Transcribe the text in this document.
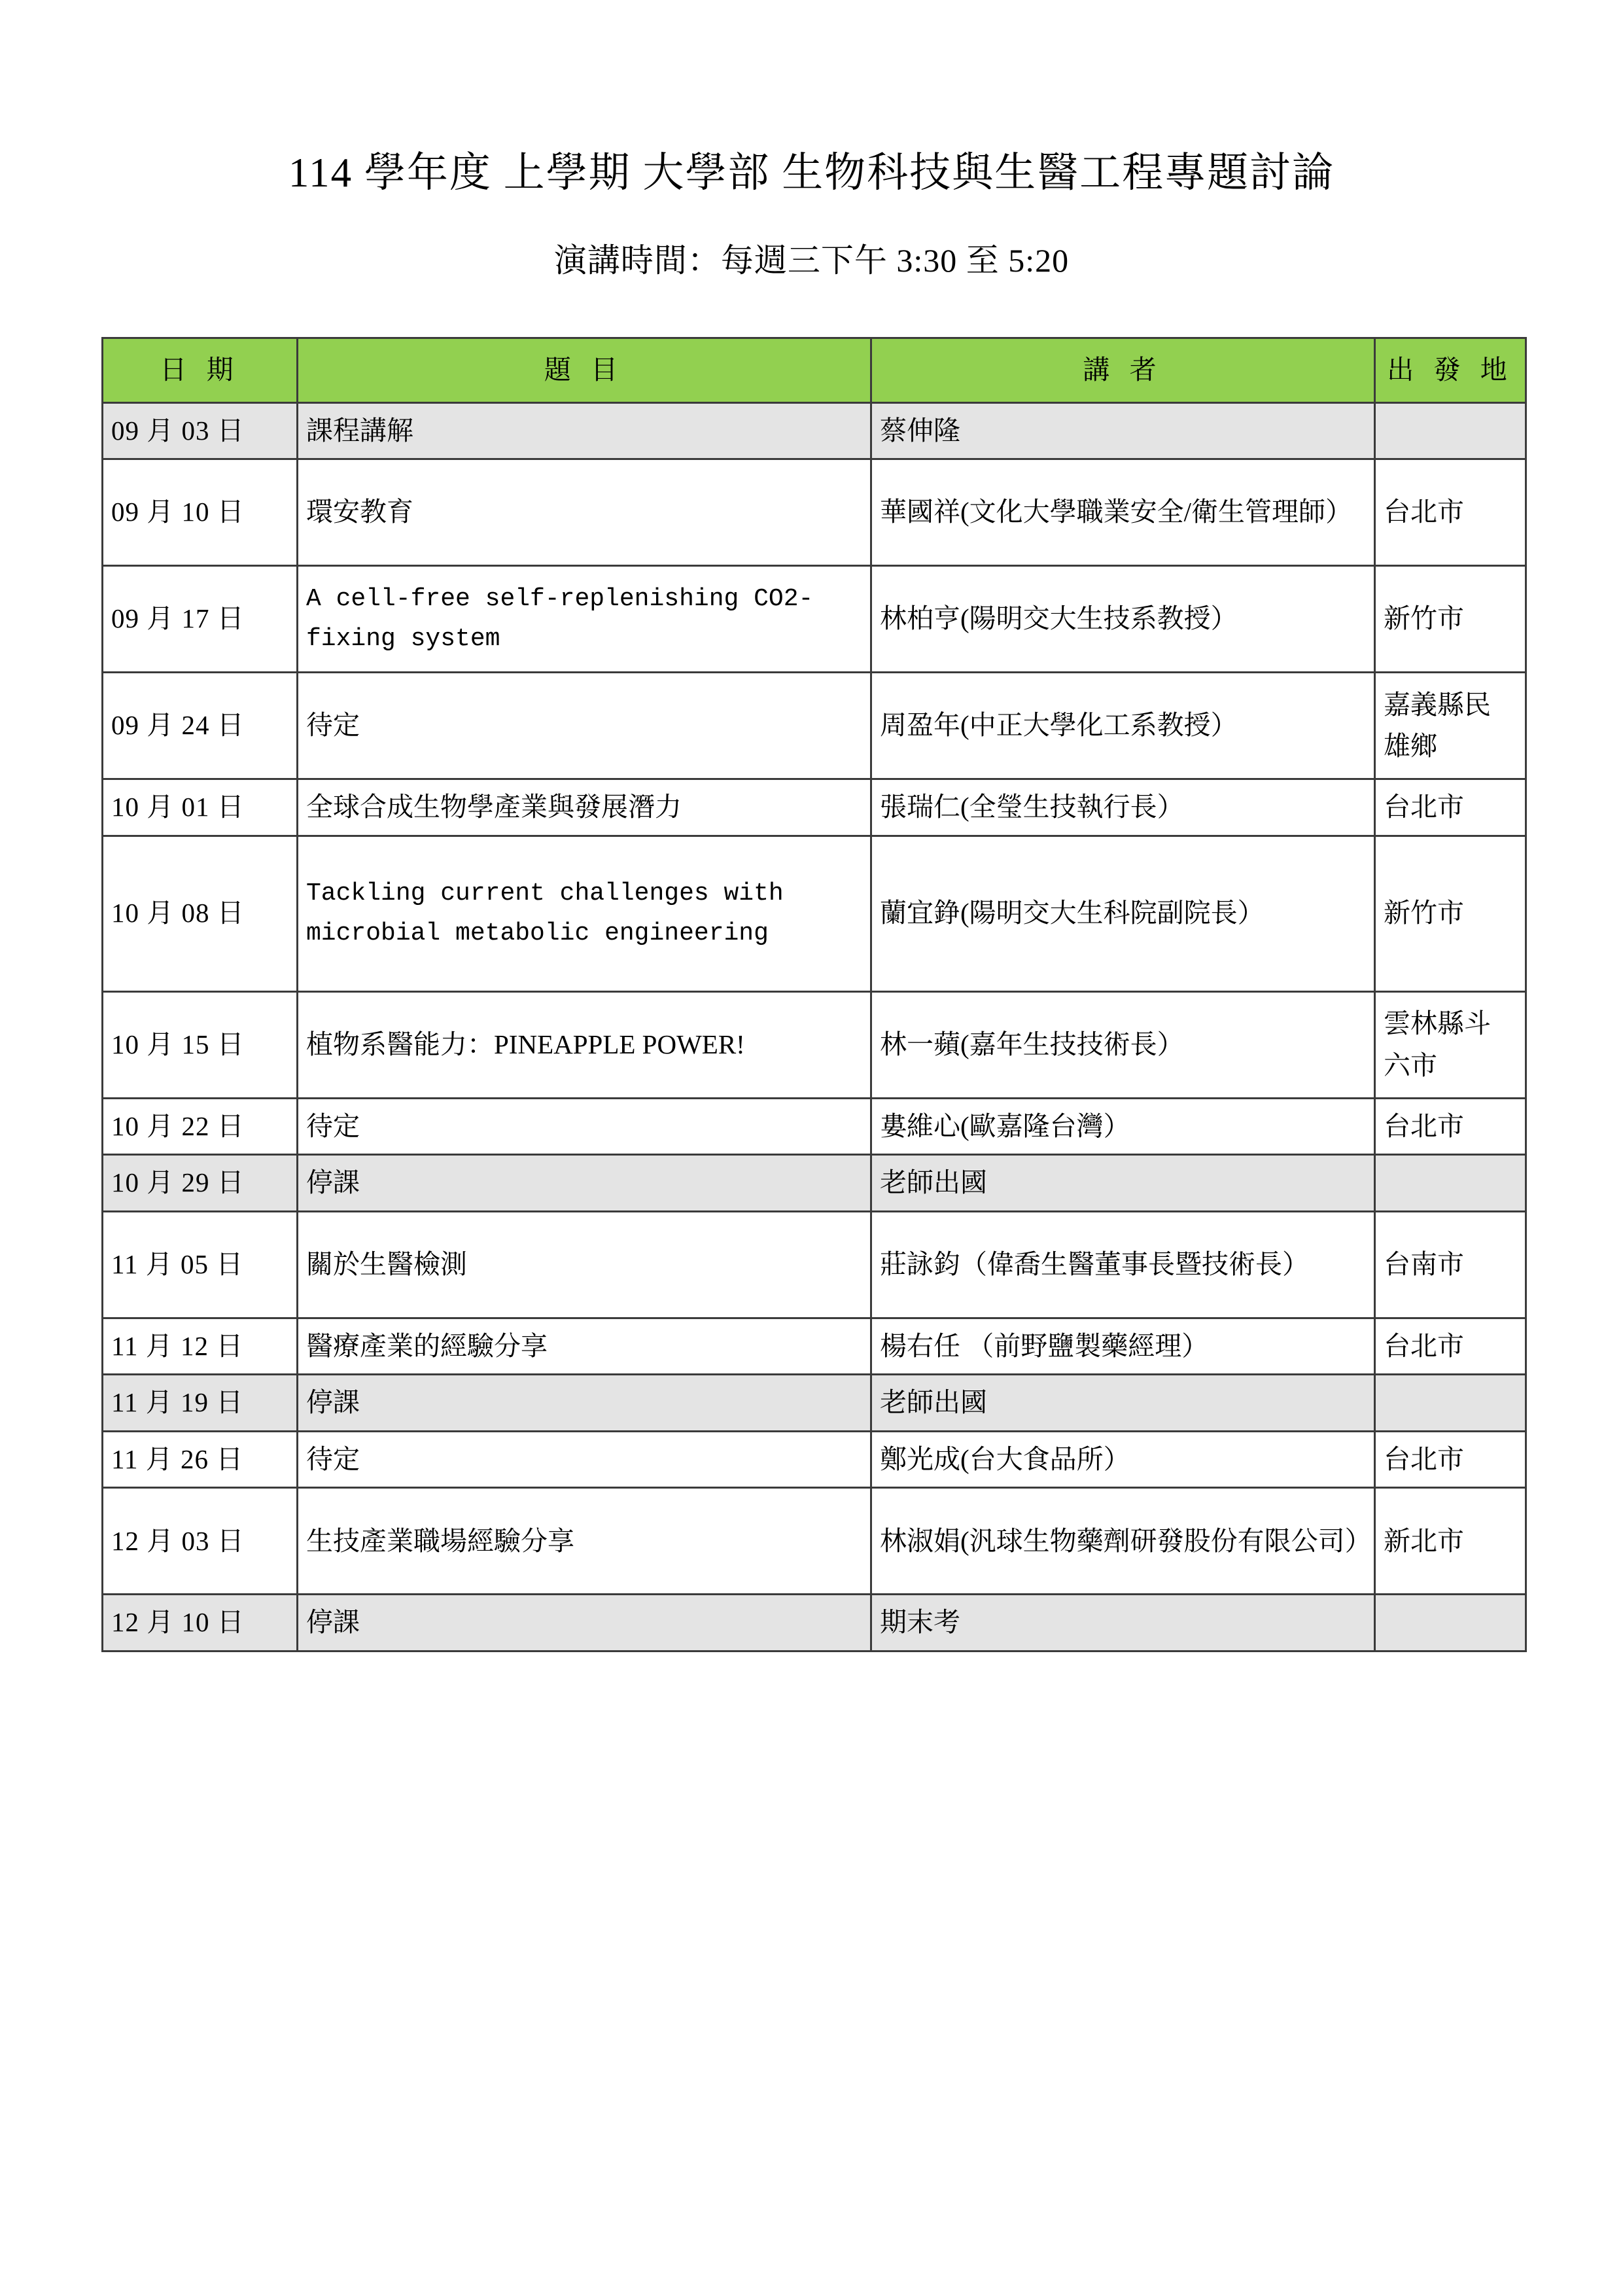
114 學年度 上學期 大學部 生物科技與生醫工程專題討論

演講時間：每週三下午 3:30 至 5:20

日 期	題 目	講 者	出 發 地
09 月 03 日	課程講解	蔡伸隆	
09 月 10 日	環安教育	華國祥(文化大學職業安全/衛生管理師）	台北市
09 月 17 日	A cell-free self-replenishing CO2-fixing system	林柏亨(陽明交大生技系教授）	新竹市
09 月 24 日	待定	周盈年(中正大學化工系教授）	嘉義縣民雄鄉
10 月 01 日	全球合成生物學產業與發展潛力	張瑞仁(全瑩生技執行長）	台北市
10 月 08 日	Tackling current challenges with microbial metabolic engineering	蘭宜錚(陽明交大生科院副院長）	新竹市
10 月 15 日	植物系醫能力：PINEAPPLE POWER!	林一蘋(嘉年生技技術長）	雲林縣斗六市
10 月 22 日	待定	婁維心(歐嘉隆台灣）	台北市
10 月 29 日	停課	老師出國	
11 月 05 日	關於生醫檢測	莊詠鈞（偉喬生醫董事長暨技術長）	台南市
11 月 12 日	醫療產業的經驗分享	楊右任 （前野鹽製藥經理）	台北市
11 月 19 日	停課	老師出國	
11 月 26 日	待定	鄭光成(台大食品所）	台北市
12 月 03 日	生技產業職場經驗分享	林淑娟(汎球生物藥劑研發股份有限公司）	新北市
12 月 10 日	停課	期末考	
